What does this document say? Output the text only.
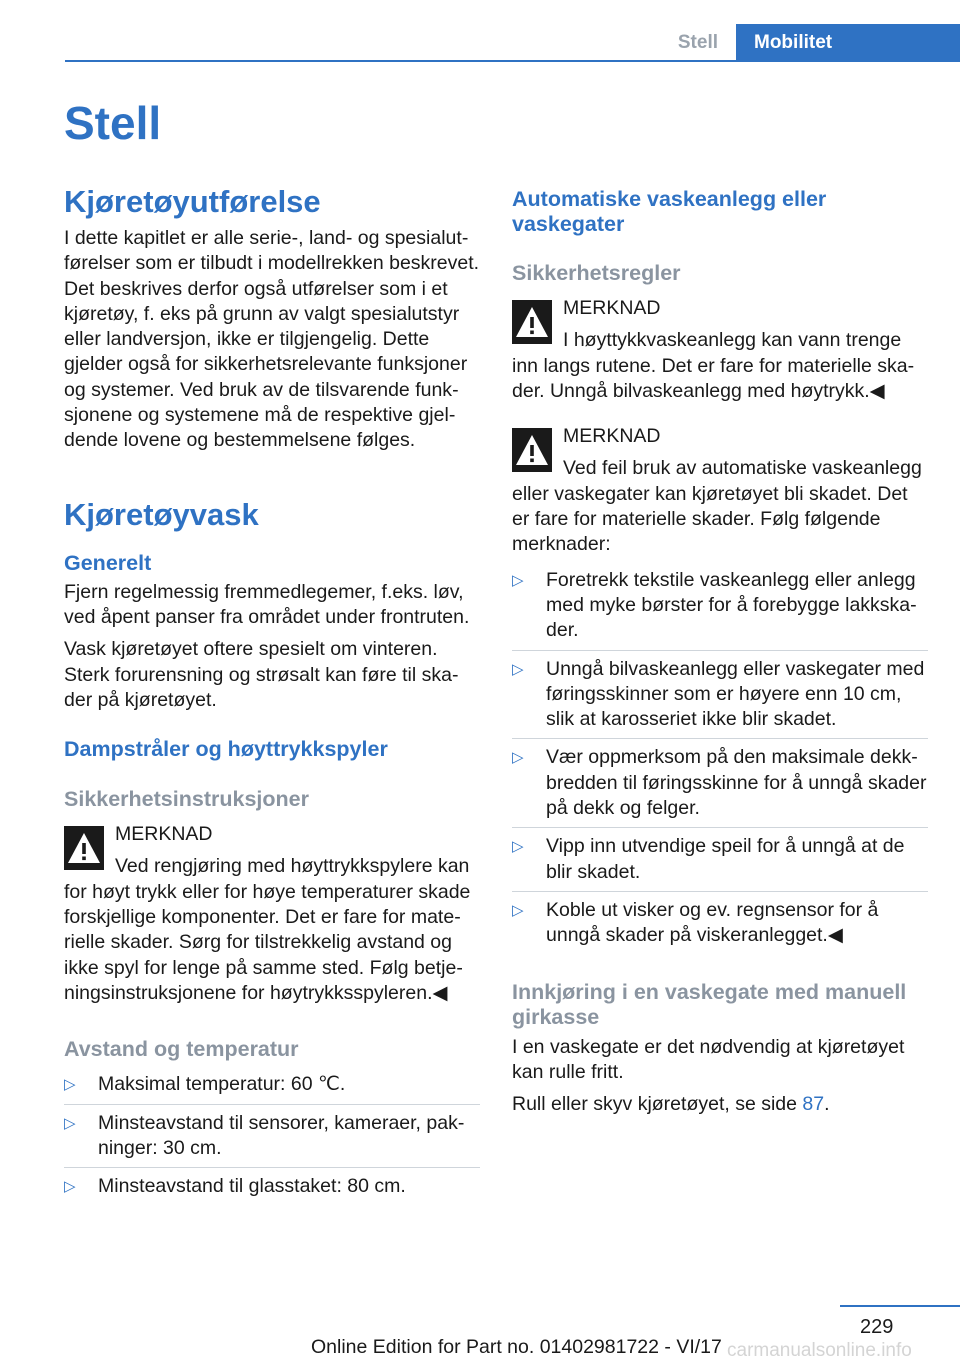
Stell	Mobilitet
Stell
Kjøretøyutførelse
I dette kapitlet er alle serie-, land- og spesialutførelser som er tilbudt i modellrekken beskrevet. Det beskrives derfor også utførelser som i et kjøretøy, f. eks på grunn av valgt spesialutstyr eller landversjon, ikke er tilgjengelig. Dette gjelder også for sikkerhetsrelevante funksjoner og systemer. Ved bruk av de tilsvarende funksjonene og systemene må de respektive gjeldende lovene og bestemmelsene følges.
Kjøretøyvask
Generelt
Fjern regelmessig fremmedlegemer, f.eks. løv, ved åpent panser fra området under frontruten.
Vask kjøretøyet oftere spesielt om vinteren. Sterk forurensning og strøsalt kan føre til skader på kjøretøyet.
Dampstråler og høyttrykkspyler
Sikkerhetsinstruksjoner
MERKNAD
Ved rengjøring med høyttrykkspylere kan
for høyt trykk eller for høye temperaturer skade forskjellige komponenter. Det er fare for materielle skader. Sørg for tilstrekkelig avstand og ikke spyl for lenge på samme sted. Følg betjeningsinstruksjonene for høytrykksspyleren.◀
Avstand og temperatur
▷ Maksimal temperatur: 60 ℃.
▷ Minsteavstand til sensorer, kameraer, pakninger: 30 cm.
▷ Minsteavstand til glasstaket: 80 cm.
Automatiske vaskeanlegg eller vaskegater
Sikkerhetsregler
MERKNAD
I høyttykkvaskeanlegg kan vann trenge
inn langs rutene. Det er fare for materielle skader. Unngå bilvaskeanlegg med høytrykk.◀
MERKNAD
Ved feil bruk av automatiske vaskeanlegg
eller vaskegater kan kjøretøyet bli skadet. Det er fare for materielle skader. Følg følgende merknader:
▷ Foretrekk tekstile vaskeanlegg eller anlegg med myke børster for å forebygge lakkskader.
▷ Unngå bilvaskeanlegg eller vaskegater med føringsskinner som er høyere enn 10 cm, slik at karosseriet ikke blir skadet.
▷ Vær oppmerksom på den maksimale dekkbredden til føringsskinne for å unngå skader på dekk og felger.
▷ Vipp inn utvendige speil for å unngå at de blir skadet.
▷ Koble ut visker og ev. regnsensor for å unngå skader på viskeranlegget.◀
Innkjøring i en vaskegate med manuell girkasse
I en vaskegate er det nødvendig at kjøretøyet kan rulle fritt.
Rull eller skyv kjøretøyet, se side 87.
229
Online Edition for Part no. 01402981722 - VI/17 carmanualsonline.info
